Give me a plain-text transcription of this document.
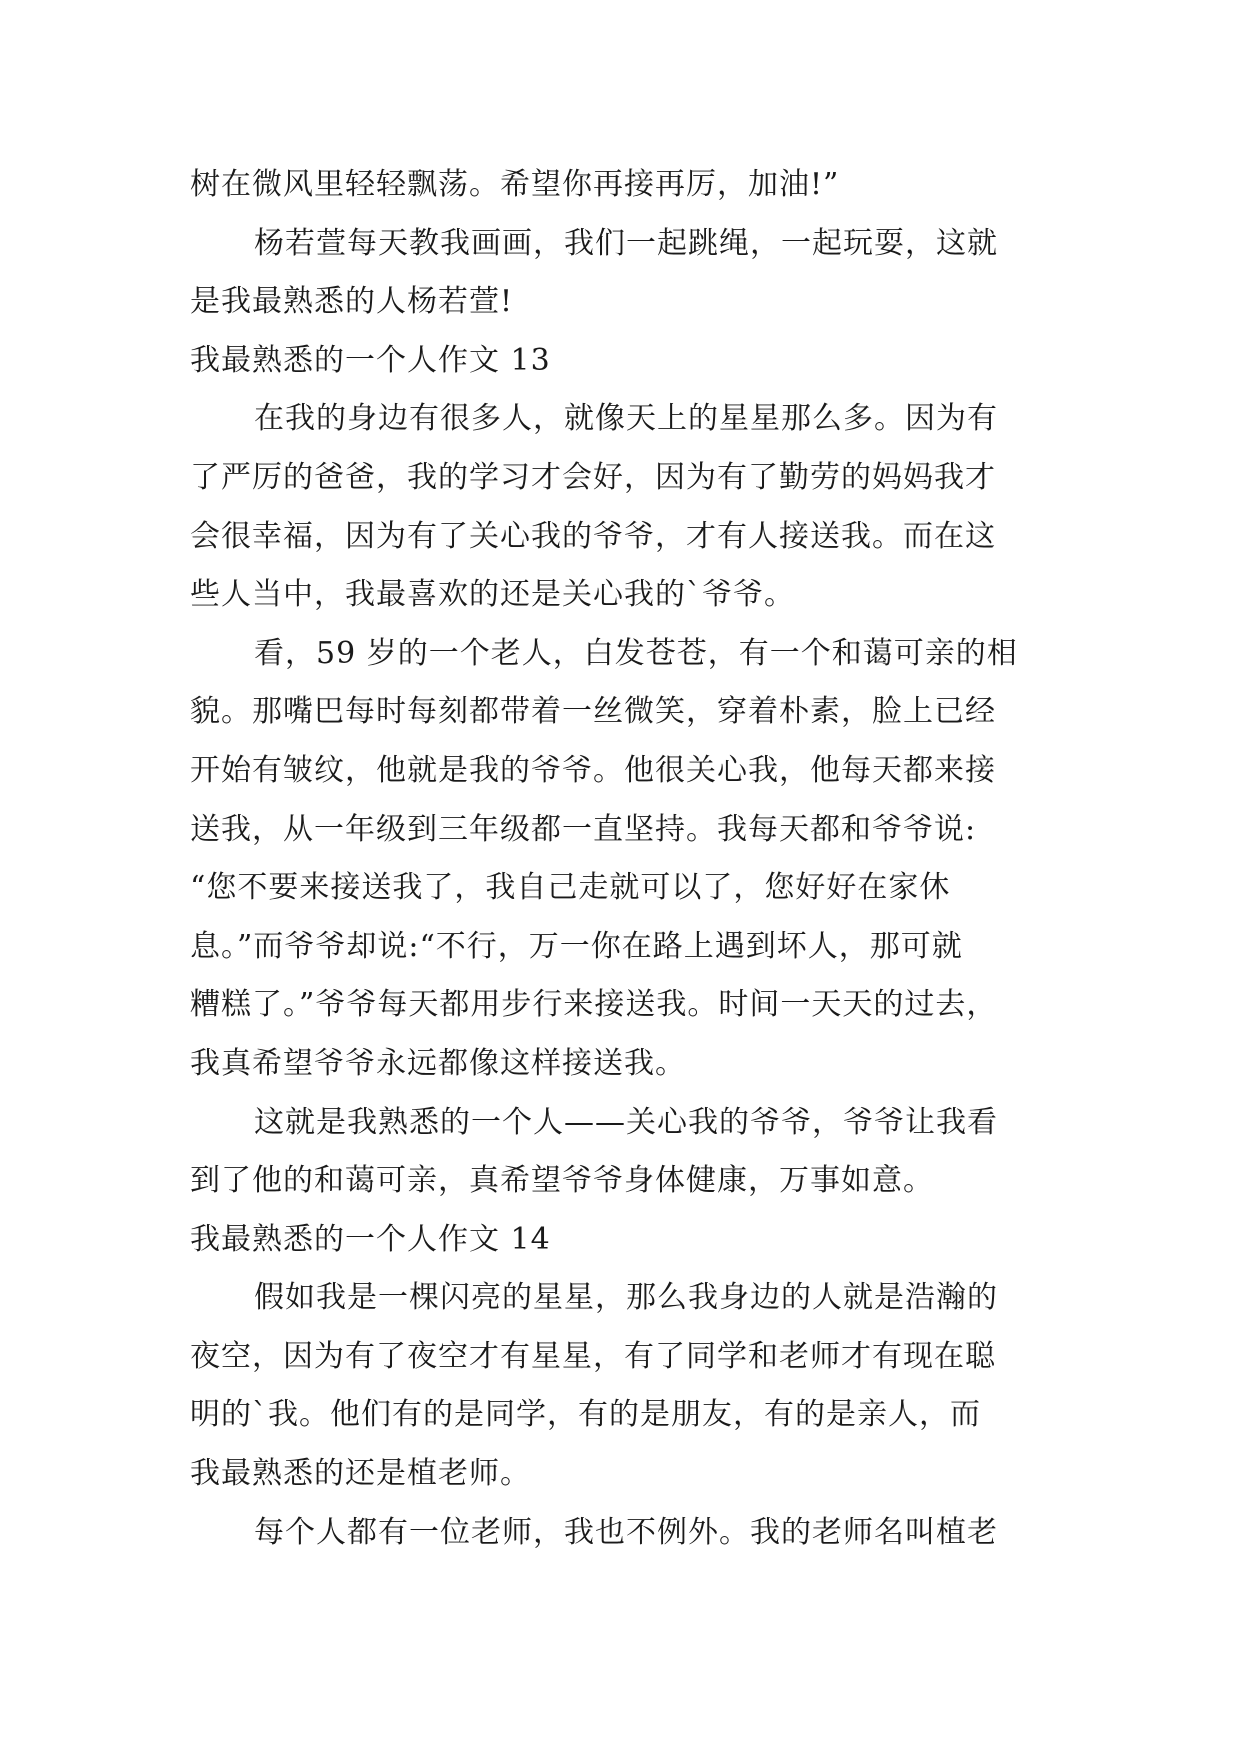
树在微风里轻轻飘荡。希望你再接再厉，加油!”
杨若萱每天教我画画，我们一起跳绳，一起玩耍，这就
是我最熟悉的人杨若萱!
我最熟悉的一个人作文 13
在我的身边有很多人，就像天上的星星那么多。因为有
了严厉的爸爸，我的学习才会好，因为有了勤劳的妈妈我才
会很幸福，因为有了关心我的爷爷，才有人接送我。而在这
些人当中，我最喜欢的还是关心我的`爷爷。
看，59 岁的一个老人，白发苍苍，有一个和蔼可亲的相
貌。那嘴巴每时每刻都带着一丝微笑，穿着朴素，脸上已经
开始有皱纹，他就是我的爷爷。他很关心我，他每天都来接
送我，从一年级到三年级都一直坚持。我每天都和爷爷说:
“您不要来接送我了，我自己走就可以了，您好好在家休
息。”而爷爷却说:“不行，万一你在路上遇到坏人，那可就
糟糕了。”爷爷每天都用步行来接送我。时间一天天的过去，
我真希望爷爷永远都像这样接送我。
这就是我熟悉的一个人——关心我的爷爷，爷爷让我看
到了他的和蔼可亲，真希望爷爷身体健康，万事如意。
我最熟悉的一个人作文 14
假如我是一棵闪亮的星星，那么我身边的人就是浩瀚的
夜空，因为有了夜空才有星星，有了同学和老师才有现在聪
明的`我。他们有的是同学，有的是朋友，有的是亲人，而
我最熟悉的还是植老师。
每个人都有一位老师，我也不例外。我的老师名叫植老
